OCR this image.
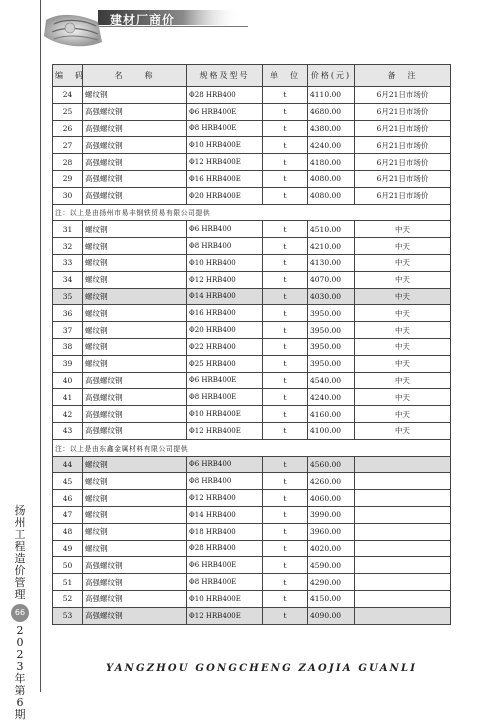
建材厂商价
编　码	名　　称	规格及型号	单　位	价格(元)	备　注
24	螺纹钢	Φ28 HRB400	t	4110.00	6月21日市场价
25	高强螺纹钢	Φ6 HRB400E	t	4680.00	6月21日市场价
26	高强螺纹钢	Φ8 HRB400E	t	4380.00	6月21日市场价
27	高强螺纹钢	Φ10 HRB400E	t	4240.00	6月21日市场价
28	高强螺纹钢	Φ12 HRB400E	t	4180.00	6月21日市场价
29	高强螺纹钢	Φ16 HRB400E	t	4080.00	6月21日市场价
30	高强螺纹钢	Φ20 HRB400E	t	4080.00	6月21日市场价
注：以上是由扬州市易丰钢铁贸易有限公司提供					
31	螺纹钢	Φ6 HRB400	t	4510.00	中天
32	螺纹钢	Φ8 HRB400	t	4210.00	中天
33	螺纹钢	Φ10 HRB400	t	4130.00	中天
34	螺纹钢	Φ12 HRB400	t	4070.00	中天
35	螺纹钢	Φ14 HRB400	t	4030.00	中天
36	螺纹钢	Φ16 HRB400	t	3950.00	中天
37	螺纹钢	Φ20 HRB400	t	3950.00	中天
38	螺纹钢	Φ22 HRB400	t	3950.00	中天
39	螺纹钢	Φ25 HRB400	t	3950.00	中天
40	高强螺纹钢	Φ6 HRB400E	t	4540.00	中天
41	高强螺纹钢	Φ8 HRB400E	t	4240.00	中天
42	高强螺纹钢	Φ10 HRB400E	t	4160.00	中天
43	高强螺纹钢	Φ12 HRB400E	t	4100.00	中天
注：以上是由东鑫金属材料有限公司提供					
44	螺纹钢	Φ6 HRB400	t	4560.00	
45	螺纹钢	Φ8 HRB400	t	4260.00	
46	螺纹钢	Φ12 HRB400	t	4060.00	
47	螺纹钢	Φ14 HRB400	t	3990.00	
48	螺纹钢	Φ18 HRB400	t	3960.00	
49	螺纹钢	Φ28 HRB400	t	4020.00	
50	高强螺纹钢	Φ6 HRB400E	t	4590.00	
51	高强螺纹钢	Φ8 HRB400E	t	4290.00	
52	高强螺纹钢	Φ10 HRB400E	t	4150.00	
53	高强螺纹钢	Φ12 HRB400E	t	4090.00	
扬
州
工
程
造
价
管
理
66
2
0
2
3
年
第
6
期
YANGZHOU GONGCHENG ZAOJIA GUANLI
